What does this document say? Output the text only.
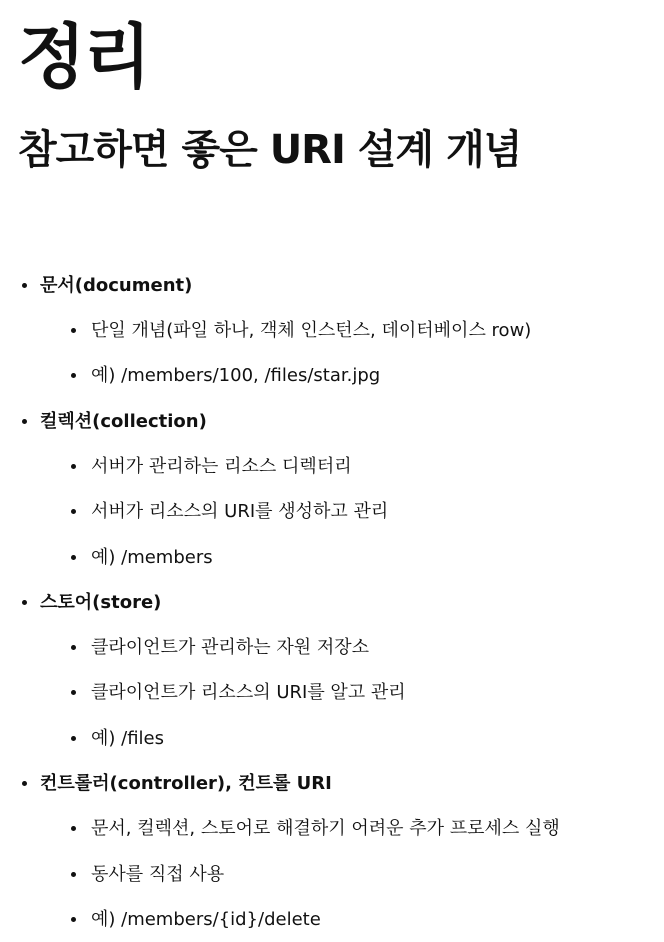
정리
참고하면 좋은 URI 설계 개념
문서(document)
단일 개념(파일 하나, 객체 인스턴스, 데이터베이스 row)
예) /members/100, /files/star.jpg
컬렉션(collection)
서버가 관리하는 리소스 디렉터리
서버가 리소스의 URI를 생성하고 관리
예) /members
스토어(store)
클라이언트가 관리하는 자원 저장소
클라이언트가 리소스의 URI를 알고 관리
예) /files
컨트롤러(controller), 컨트롤 URI
문서, 컬렉션, 스토어로 해결하기 어려운 추가 프로세스 실행
동사를 직접 사용
예) /members/{id}/delete
